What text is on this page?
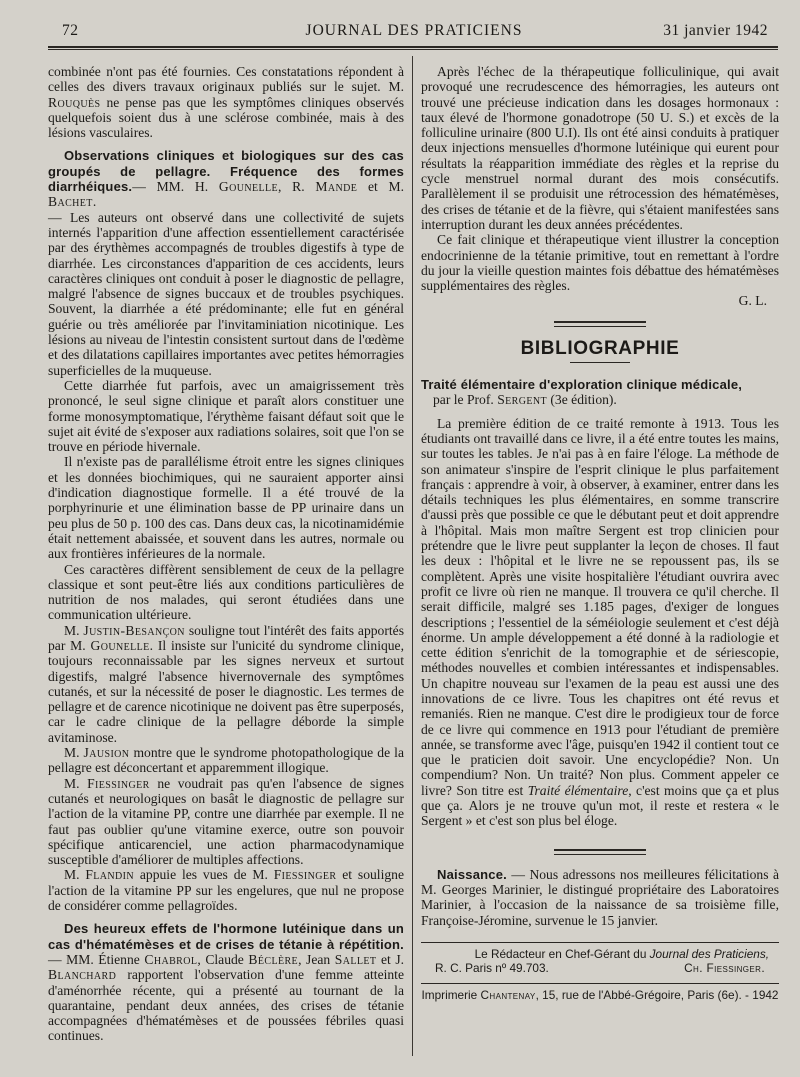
72	JOURNAL DES PRATICIENS	31 janvier 1942

combinée n'ont pas été fournies. Ces constatations répondent à celles des divers travaux originaux publiés sur le sujet. M. Rouquès ne pense pas que les symptômes cliniques observés quelquefois soient dus à une sclérose combinée, mais à des lésions vasculaires.

Observations cliniques et biologiques sur des cas groupés de pellagre. Fréquence des formes diarrhéiques.— MM. H. Gounelle, R. Mande et M. Bachet.

— Les auteurs ont observé dans une collectivité de sujets internés l'apparition d'une affection essentiellement caractérisée par des érythèmes accompagnés de troubles digestifs à type de diarrhée. Les circonstances d'apparition de ces accidents, leurs caractères cliniques ont conduit à poser le diagnostic de pellagre, malgré l'absence de signes buccaux et de troubles psychiques. Souvent, la diarrhée a été prédominante; elle fut en général guérie ou très améliorée par l'invitaminiation nicotinique. Les lésions au niveau de l'intestin consistent surtout dans de l'œdème et des dilatations capillaires importantes avec petites hémorragies superficielles de la muqueuse.

Cette diarrhée fut parfois, avec un amaigrissement très prononcé, le seul signe clinique et paraît alors constituer une forme monosymptomatique, l'érythème faisant défaut soit que le sujet ait évité de s'exposer aux radiations solaires, soit que l'on se trouve en période hivernale.

Il n'existe pas de parallélisme étroit entre les signes cliniques et les données biochimiques, qui ne sauraient apporter ainsi d'indication diagnostique formelle. Il a été trouvé de la porphyrinurie et une élimination basse de PP urinaire dans un peu plus de 50 p. 100 des cas. Dans deux cas, la nicotinamidémie était nettement abaissée, et souvent dans les autres, normale ou aux frontières inférieures de la normale.

Ces caractères diffèrent sensiblement de ceux de la pellagre classique et sont peut-être liés aux conditions particulières de nutrition de nos malades, qui seront étudiées dans une communication ultérieure.

M. Justin-Besançon souligne tout l'intérêt des faits apportés par M. Gounelle. Il insiste sur l'unicité du syndrome clinique, toujours reconnaissable par les signes nerveux et surtout digestifs, malgré l'absence hivernovernale des symptômes cutanés, et sur la nécessité de poser le diagnostic. Les termes de pellagre et de carence nicotinique ne doivent pas être superposés, car le cadre clinique de la pellagre déborde la simple avitaminose.

M. Jausion montre que le syndrome photopathologique de la pellagre est déconcertant et apparemment illogique.

M. Fiessinger ne voudrait pas qu'en l'absence de signes cutanés et neurologiques on basât le diagnostic de pellagre sur l'action de la vitamine PP, contre une diarrhée par exemple. Il ne faut pas oublier qu'une vitamine exerce, outre son pouvoir spécifique anticarenciel, une action pharmacodynamique susceptible d'améliorer de multiples affections.

M. Flandin appuie les vues de M. Fiessinger et souligne l'action de la vitamine PP sur les engelures, que nul ne propose de considérer comme pellagroïdes.

Des heureux effets de l'hormone lutéinique dans un cas d'hématémèses et de crises de tétanie à répétition. — MM. Étienne Chabrol, Claude Béclère, Jean Sallet et J. Blanchard rapportent l'observation d'une femme atteinte d'aménorrhée récente, qui a présenté au tournant de la quarantaine, pendant deux années, des crises de tétanie accompagnées d'hématémèses et de poussées fébriles quasi continues.

Après l'échec de la thérapeutique folliculinique, qui avait provoqué une recrudescence des hémorragies, les auteurs ont trouvé une précieuse indication dans les dosages hormonaux : taux élevé de l'hormone gonadotrope (50 U. S.) et excès de la folliculine urinaire (800 U.I). Ils ont été ainsi conduits à pratiquer deux injections mensuelles d'hormone lutéinique qui eurent pour résultats la réapparition immédiate des règles et la reprise du cycle menstruel normal durant des mois consécutifs. Parallèlement il se produisit une rétrocession des hématémèses, des crises de tétanie et de la fièvre, qui s'étaient manifestées sans interruption durant les deux années précédentes.

Ce fait clinique et thérapeutique vient illustrer la conception endocrinienne de la tétanie primitive, tout en remettant à l'ordre du jour la vieille question maintes fois débattue des hématémèses supplémentaires des règles.

G. L.

BIBLIOGRAPHIE

Traité élémentaire d'exploration clinique médicale,

par le Prof. Sergent (3e édition).

La première édition de ce traité remonte à 1913. Tous les étudiants ont travaillé dans ce livre, il a été entre toutes les mains, sur toutes les tables. Je n'ai pas à en faire l'éloge. La méthode de son animateur s'inspire de l'esprit clinique le plus parfaitement français : apprendre à voir, à observer, à examiner, entrer dans les détails techniques les plus élémentaires, en somme transcrire d'aussi près que possible ce que le débutant peut et doit apprendre à l'hôpital. Mais mon maître Sergent est trop clinicien pour prétendre que le livre peut supplanter la leçon de choses. Il faut les deux : l'hôpital et le livre ne se repoussent pas, ils se complètent. Après une visite hospitalière l'étudiant ouvrira avec profit ce livre où rien ne manque. Il trouvera ce qu'il cherche. Il serait difficile, malgré ses 1.185 pages, d'exiger de longues descriptions ; l'essentiel de la séméiologie seulement et c'est déjà énorme. Un ample développement a été donné à la radiologie et cette édition s'enrichit de la tomographie et de sériescopie, méthodes nouvelles et combien intéressantes et indispensables. Un chapitre nouveau sur l'examen de la peau est aussi une des innovations de ce livre. Tous les chapitres ont été revus et remaniés. Rien ne manque. C'est dire le prodigieux tour de force de ce livre qui commence en 1913 pour l'étudiant de première année, se transforme avec l'âge, puisqu'en 1942 il contient tout ce que le praticien doit savoir. Une encyclopédie? Non. Un compendium? Non. Un traité? Non plus. Comment appeler ce livre? Son titre est Traité élémentaire, c'est moins que ça et plus que ça. Alors je ne trouve qu'un mot, il reste et restera « le Sergent » et c'est son plus bel éloge.

Naissance. — Nous adressons nos meilleures félicitations à M. Georges Marinier, le distingué propriétaire des Laboratoires Marinier, à l'occasion de la naissance de sa troisième fille, Françoise-Jéromine, survenue le 15 janvier.

Le Rédacteur en Chef-Gérant du Journal des Praticiens,
R. C. Paris nº 49.703.	Ch. Fiessinger.
Imprimerie Chantenay, 15, rue de l'Abbé-Grégoire, Paris (6e). - 1942
